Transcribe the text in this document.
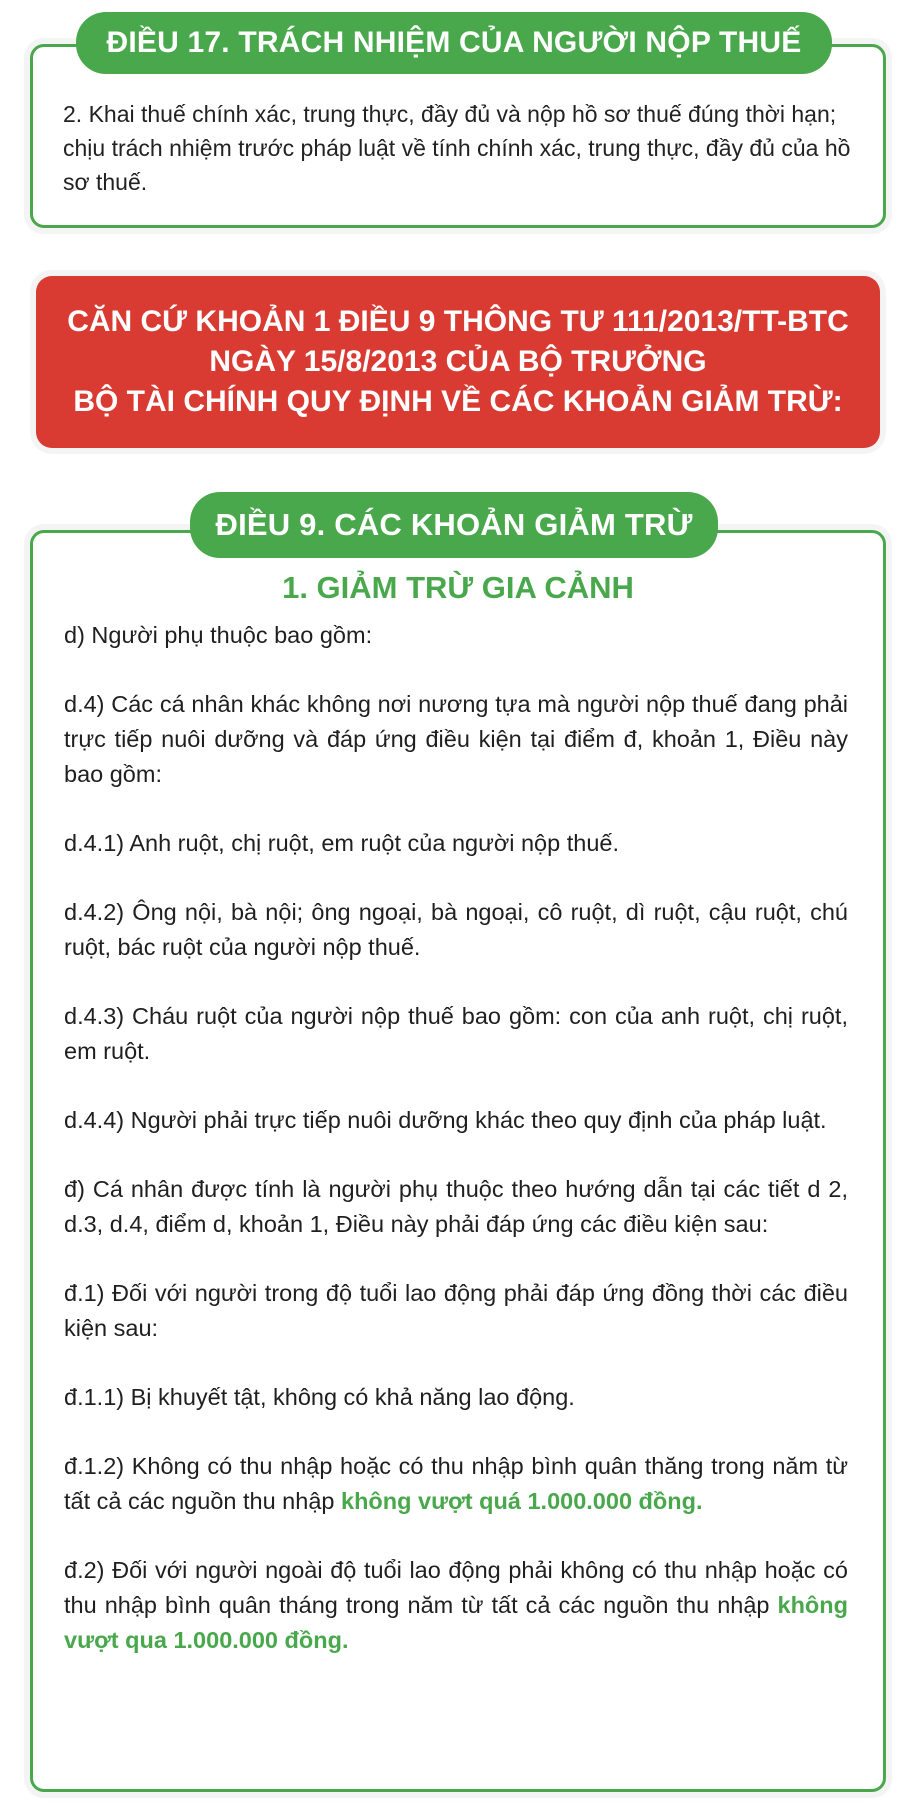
2. Khai thuế chính xác, trung thực, đầy đủ và nộp hồ sơ thuế đúng thời hạn; chịu trách nhiệm trước pháp luật về tính chính xác, trung thực, đầy đủ của hồ sơ thuế.
ĐIỀU 17. TRÁCH NHIỆM CỦA NGƯỜI NỘP THUẾ
CĂN CỨ KHOẢN 1 ĐIỀU 9 THÔNG TƯ 111/2013/TT-BTC
NGÀY 15/8/2013 CỦA BỘ TRƯỞNG
BỘ TÀI CHÍNH QUY ĐỊNH VỀ CÁC KHOẢN GIẢM TRỪ:
ĐIỀU 9. CÁC KHOẢN GIẢM TRỪ
1. GIẢM TRỪ GIA CẢNH

d) Người phụ thuộc bao gồm:

d.4) Các cá nhân khác không nơi nương tựa mà người nộp thuế đang phải trực tiếp nuôi dưỡng và đáp ứng điều kiện tại điểm đ, khoản 1, Điều này bao gồm:

d.4.1) Anh ruột, chị ruột, em ruột của người nộp thuế.

d.4.2) Ông nội, bà nội; ông ngoại, bà ngoại, cô ruột, dì ruột, cậu ruột, chú ruột, bác ruột của người nộp thuế.

d.4.3) Cháu ruột của người nộp thuế bao gồm: con của anh ruột, chị ruột, em ruột.

d.4.4) Người phải trực tiếp nuôi dưỡng khác theo quy định của pháp luật.

đ) Cá nhân được tính là người phụ thuộc theo hướng dẫn tại các tiết d 2, d.3, d.4, điểm d, khoản 1, Điều này phải đáp ứng các điều kiện sau:

đ.1) Đối với người trong độ tuổi lao động phải đáp ứng đồng thời các điều kiện sau:

đ.1.1) Bị khuyết tật, không có khả năng lao động.

đ.1.2) Không có thu nhập hoặc có thu nhập bình quân thăng trong năm từ tất cả các nguồn thu nhập không vượt quá 1.000.000 đồng.

đ.2) Đối với người ngoài độ tuổi lao động phải không có thu nhập hoặc có thu nhập bình quân tháng trong năm từ tất cả các nguồn thu nhập không vượt qua 1.000.000 đồng.
